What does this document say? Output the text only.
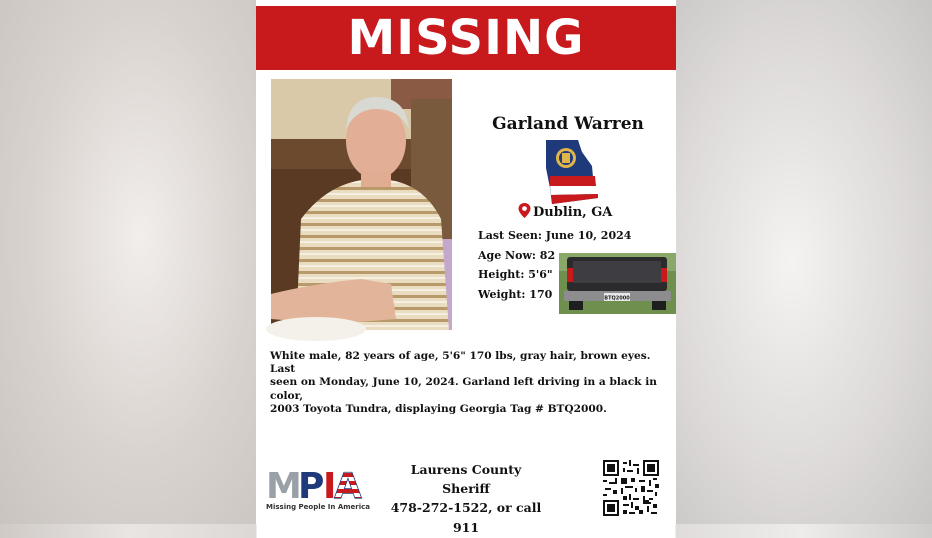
MISSING
Garland Warren
Dublin, GA
Last Seen: June 10, 2024
Age Now: 82
Height: 5'6"
Weight: 170	BTQ2000
White male, 82 years of age, 5'6" 170 lbs, gray hair, brown eyes. Last
seen on Monday, June 10, 2024. Garland left driving in a black in color,
2003 Toyota Tundra, displaying Georgia Tag # BTQ2000.
M
P
I
A
Missing People In America
Laurens County Sheriff
478-272-1522, or call 911
